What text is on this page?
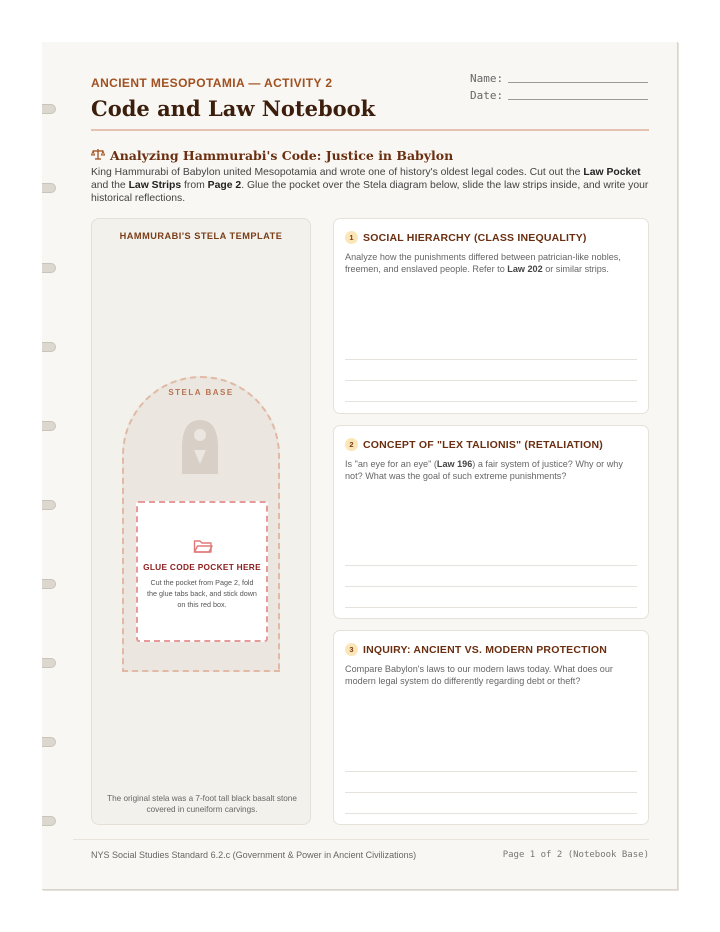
ANCIENT MESOPOTAMIA — ACTIVITY 2
Code and Law Notebook
Name:
Date:
Analyzing Hammurabi's Code: Justice in Babylon
King Hammurabi of Babylon united Mesopotamia and wrote one of history's oldest legal codes. Cut out the Law Pocket and the Law Strips from Page 2. Glue the pocket over the Stela diagram below, slide the law strips inside, and write your historical reflections.
HAMMURABI'S STELA TEMPLATE
STELA BASE
GLUE CODE POCKET HERE
Cut the pocket from Page 2, fold the glue tabs back, and stick down on this red box.
The original stela was a 7-foot tall black basalt stone covered in cuneiform carvings.
1 SOCIAL HIERARCHY (CLASS INEQUALITY)
Analyze how the punishments differed between patrician-like nobles, freemen, and enslaved people. Refer to Law 202 or similar strips.
2 CONCEPT OF "LEX TALIONIS" (RETALIATION)
Is "an eye for an eye" (Law 196) a fair system of justice? Why or why not? What was the goal of such extreme punishments?
3 INQUIRY: ANCIENT VS. MODERN PROTECTION
Compare Babylon's laws to our modern laws today. What does our modern legal system do differently regarding debt or theft?
NYS Social Studies Standard 6.2.c (Government & Power in Ancient Civilizations)	Page 1 of 2 (Notebook Base)
